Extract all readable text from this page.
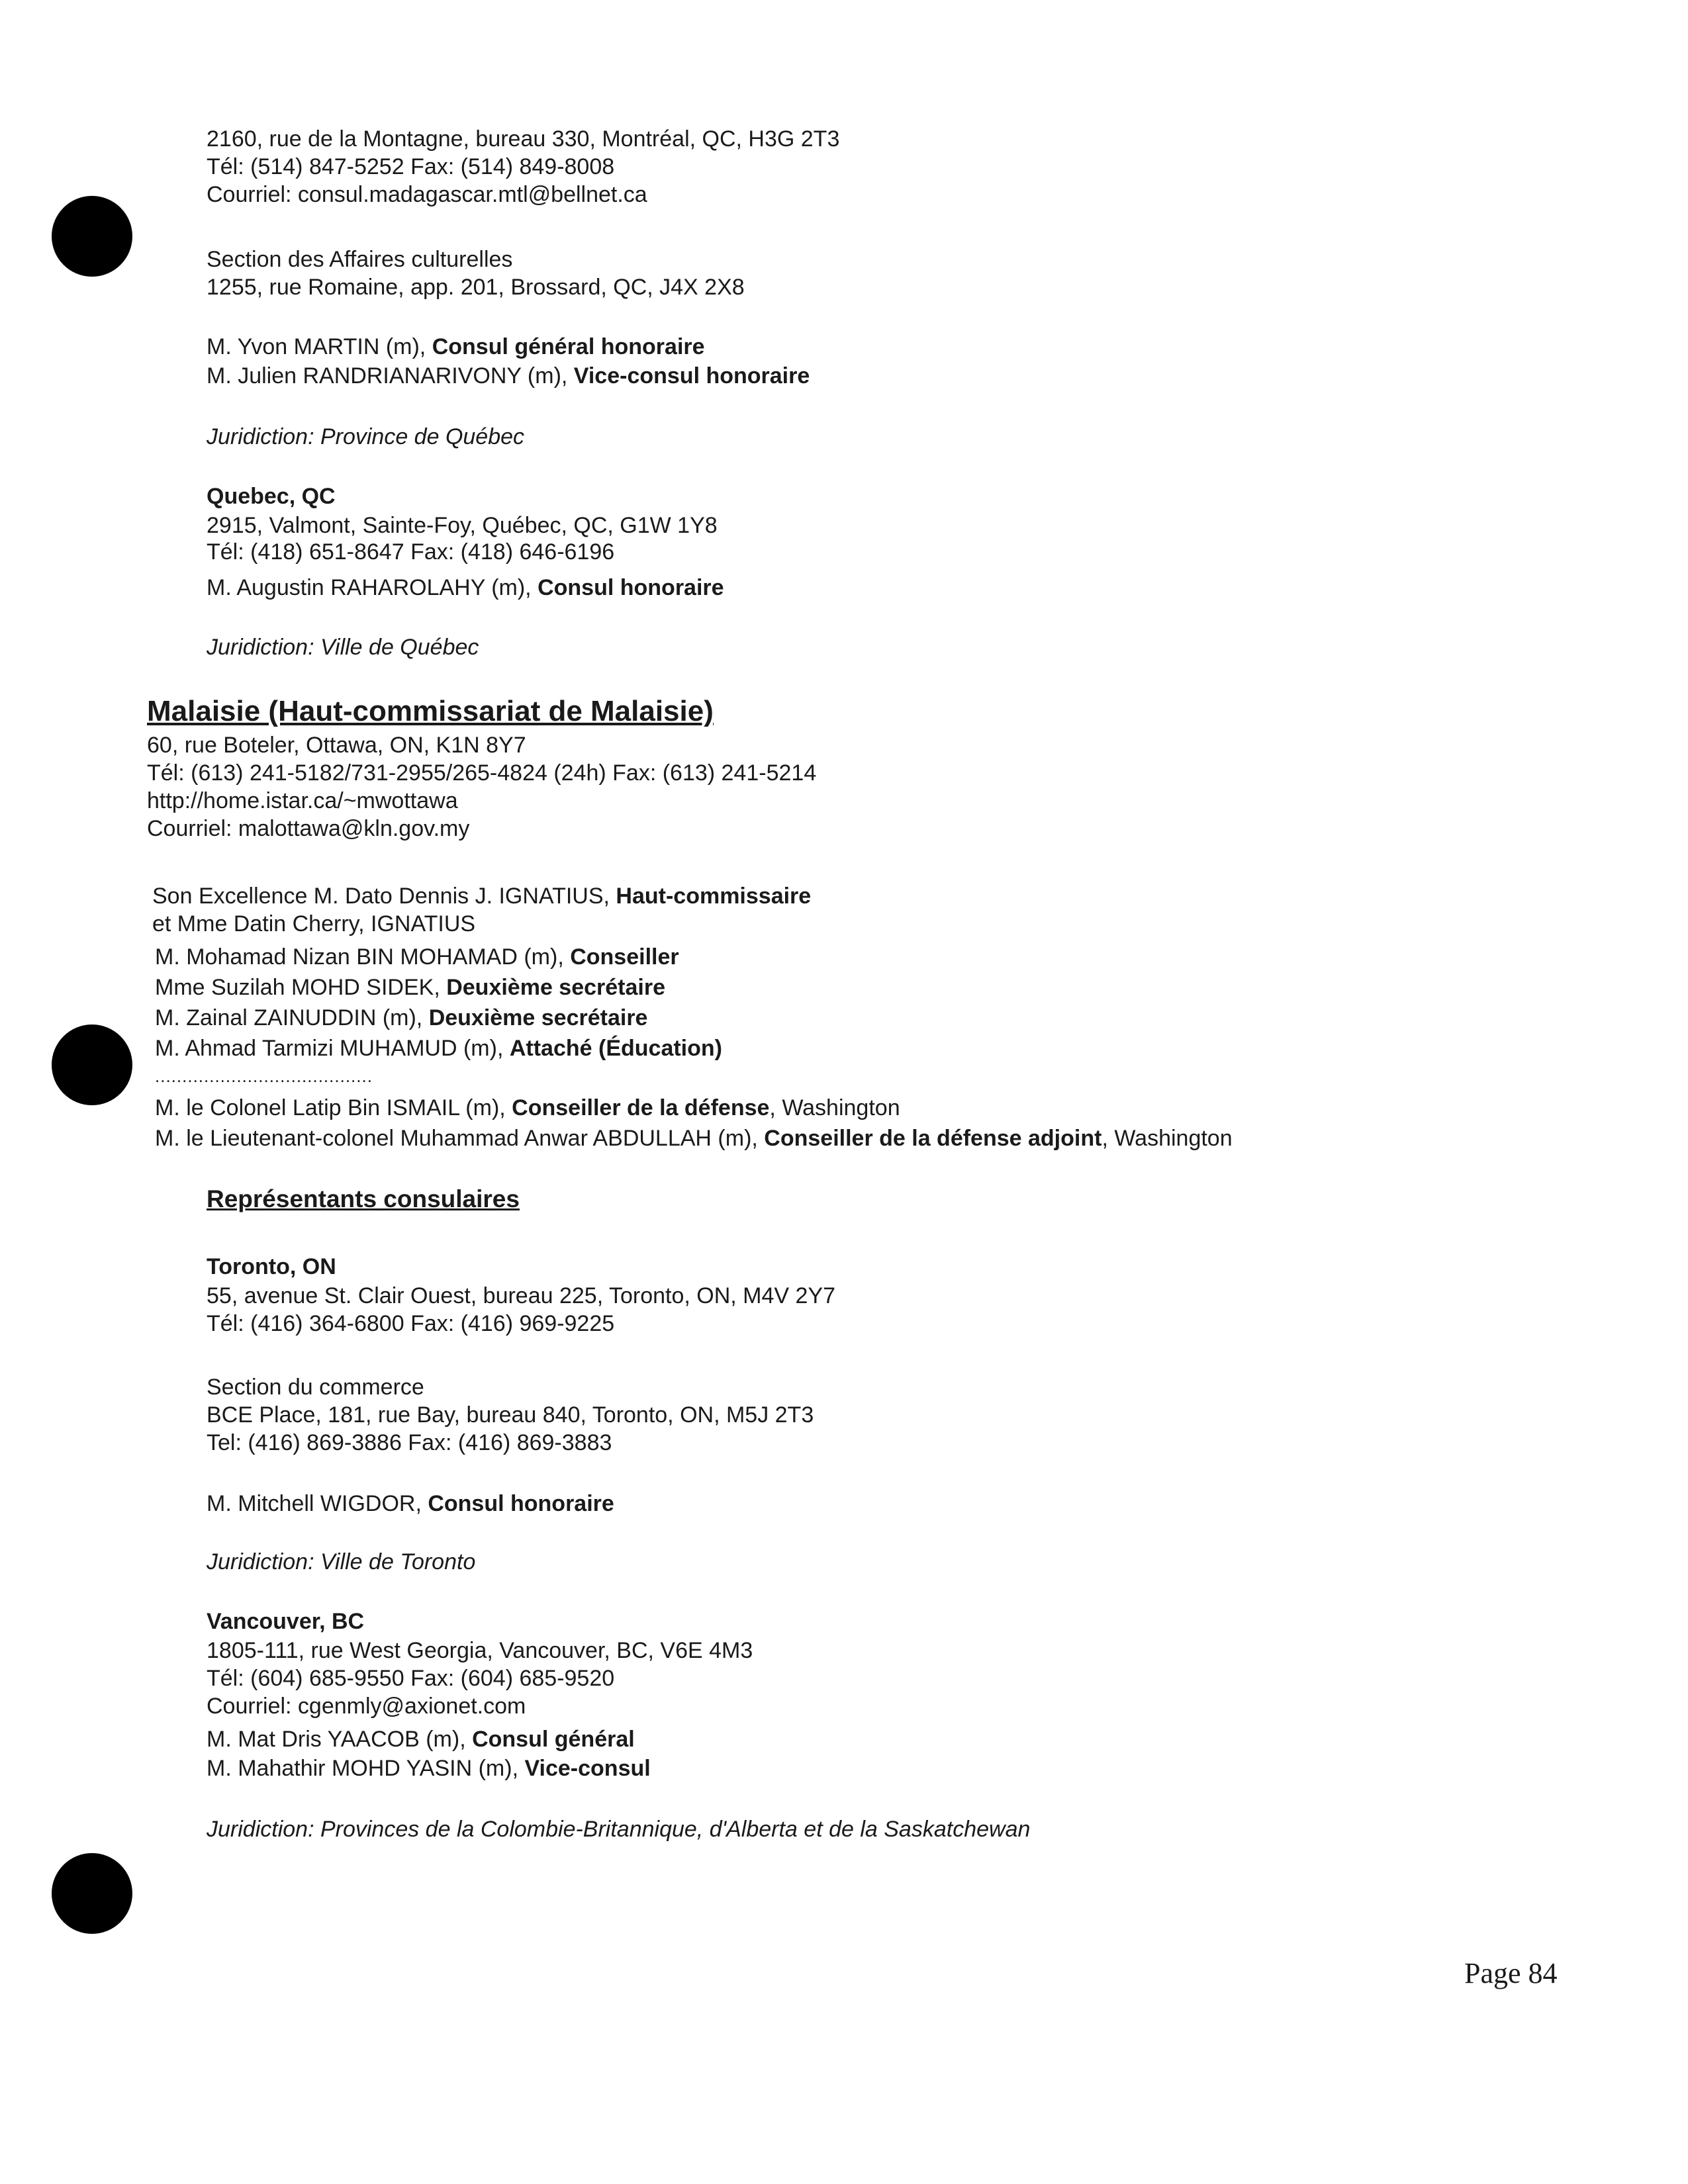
2160, rue de la Montagne, bureau 330, Montréal, QC, H3G 2T3
Tél: (514) 847-5252 Fax: (514) 849-8008
Courriel: consul.madagascar.mtl@bellnet.ca
Section des Affaires culturelles
1255, rue Romaine, app. 201, Brossard, QC, J4X 2X8
M. Yvon MARTIN (m), Consul général honoraire
M. Julien RANDRIANARIVONY (m), Vice-consul honoraire
Juridiction: Province de Québec
Quebec, QC
2915, Valmont, Sainte-Foy, Québec, QC, G1W 1Y8
Tél: (418) 651-8647 Fax: (418) 646-6196
M. Augustin RAHAROLAHY (m), Consul honoraire
Juridiction: Ville de Québec
Malaisie (Haut-commissariat de Malaisie)
60, rue Boteler, Ottawa, ON, K1N 8Y7
Tél: (613) 241-5182/731-2955/265-4824 (24h) Fax: (613) 241-5214
http://home.istar.ca/~mwottawa
Courriel: malottawa@kln.gov.my
Son Excellence M. Dato Dennis J. IGNATIUS, Haut-commissaire
et Mme Datin Cherry, IGNATIUS
M. Mohamad Nizan BIN MOHAMAD (m), Conseiller
Mme Suzilah MOHD SIDEK, Deuxième secrétaire
M. Zainal ZAINUDDIN (m), Deuxième secrétaire
M. Ahmad Tarmizi MUHAMUD (m), Attaché (Éducation)
........................................
M. le Colonel Latip Bin ISMAIL (m), Conseiller de la défense, Washington
M. le Lieutenant-colonel Muhammad Anwar ABDULLAH (m), Conseiller de la défense adjoint, Washington
Représentants consulaires
Toronto, ON
55, avenue St. Clair Ouest, bureau 225, Toronto, ON, M4V 2Y7
Tél: (416) 364-6800 Fax: (416) 969-9225
Section du commerce
BCE Place, 181, rue Bay, bureau 840, Toronto, ON, M5J 2T3
Tel: (416) 869-3886 Fax: (416) 869-3883
M. Mitchell WIGDOR, Consul honoraire
Juridiction: Ville de Toronto
Vancouver, BC
1805-111, rue West Georgia, Vancouver, BC, V6E 4M3
Tél: (604) 685-9550 Fax: (604) 685-9520
Courriel: cgenmly@axionet.com
M. Mat Dris YAACOB (m), Consul général
M. Mahathir MOHD YASIN (m), Vice-consul
Juridiction: Provinces de la Colombie-Britannique, d'Alberta et de la Saskatchewan
Page 84
